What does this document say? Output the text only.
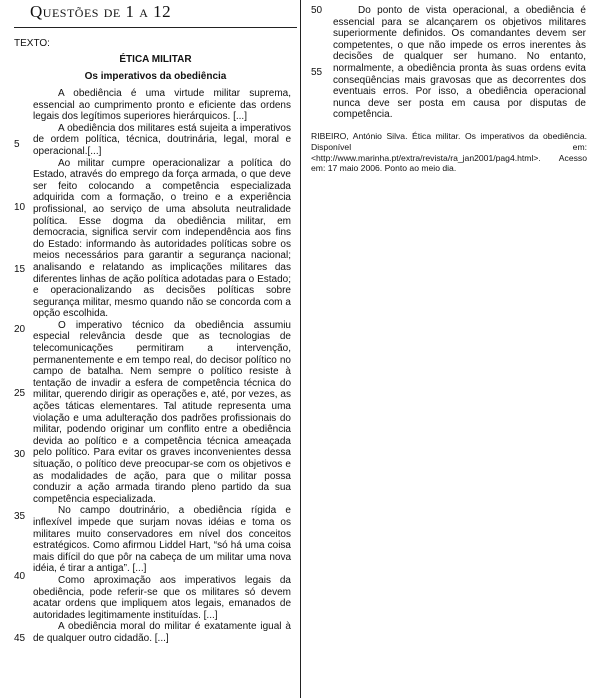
Questões de 1 a 12
TEXTO:
ÉTICA MILITAR
Os imperativos da obediência
5
10
15
20
25
30
35
40
45
50
55

A obediência é uma virtude militar suprema, essencial ao cumprimento pronto e eficiente das ordens legais dos legítimos superiores hierárquicos. [...]

A obediência dos militares está sujeita a imperativos de ordem política, técnica, doutrinária, legal, moral e operacional.[...]

Ao militar cumpre operacionalizar a política do Estado, através do emprego da força armada, o que deve ser feito colocando a competência especializada adquirida com a formação, o treino e a experiência profissional, ao serviço de uma absoluta neutralidade política. Esse dogma da obediência militar, em democracia, significa servir com independência aos fins do Estado: informando às autoridades políticas sobre os meios necessários para garantir a segurança nacional; analisando e relatando as implicações militares das diferentes linhas de ação política adotadas para o Estado; e operacionalizando as decisões políticas sobre segurança militar, mesmo quando não se concorda com a opção escolhida.

O imperativo técnico da obediência assumiu especial relevância desde que as tecnologias de telecomunicações permitiram a intervenção, permanentemente e em tempo real, do decisor político no campo de batalha. Nem sempre o político resiste à tentação de invadir a esfera de competência técnica do militar, querendo dirigir as operações e, até, por vezes, as ações táticas elementares. Tal atitude representa uma violação e uma adulteração dos padrões profissionais do militar, podendo originar um conflito entre a obediência devida ao político e a competência técnica ameaçada pelo político. Para evitar os graves inconvenientes dessa situação, o político deve preocupar-se com os objetivos e as modalidades de ação, para que o militar possa conduzir a ação armada tirando pleno partido da sua competência especializada.

No campo doutrinário, a obediência rígida e inflexível impede que surjam novas idéias e toma os militares muito conservadores em nível dos conceitos estratégicos. Como afirmou Liddel Hart, “só há uma coisa mais difícil do que pôr na cabeça de um militar uma nova idéia, é tirar a antiga”. [...]

Como aproximação aos imperativos legais da obediência, pode referir-se que os militares só devem acatar ordens que impliquem atos legais, emanados de autoridades legitimamente instituídas. [...]

A obediência moral do militar é exatamente igual à de qualquer outro cidadão. [...]

Do ponto de vista operacional, a obediência é essencial para se alcançarem os objetivos militares superiormente definidos. Os comandantes devem ser competentes, o que não impede os erros inerentes às decisões de qualquer ser humano. No entanto, normalmente, a obediência pronta às suas ordens evita conseqüências mais gravosas que as decorrentes dos eventuais erros. Por isso, a obediência operacional nunca deve ser posta em causa por disputas de competência.

RIBEIRO, António Silva. Ética militar. Os imperativos da obediência. Disponível em: <http://www.marinha.pt/extra/revista/ra_jan2001/pag4.html>. Acesso em: 17 maio 2006. Ponto ao meio dia.
